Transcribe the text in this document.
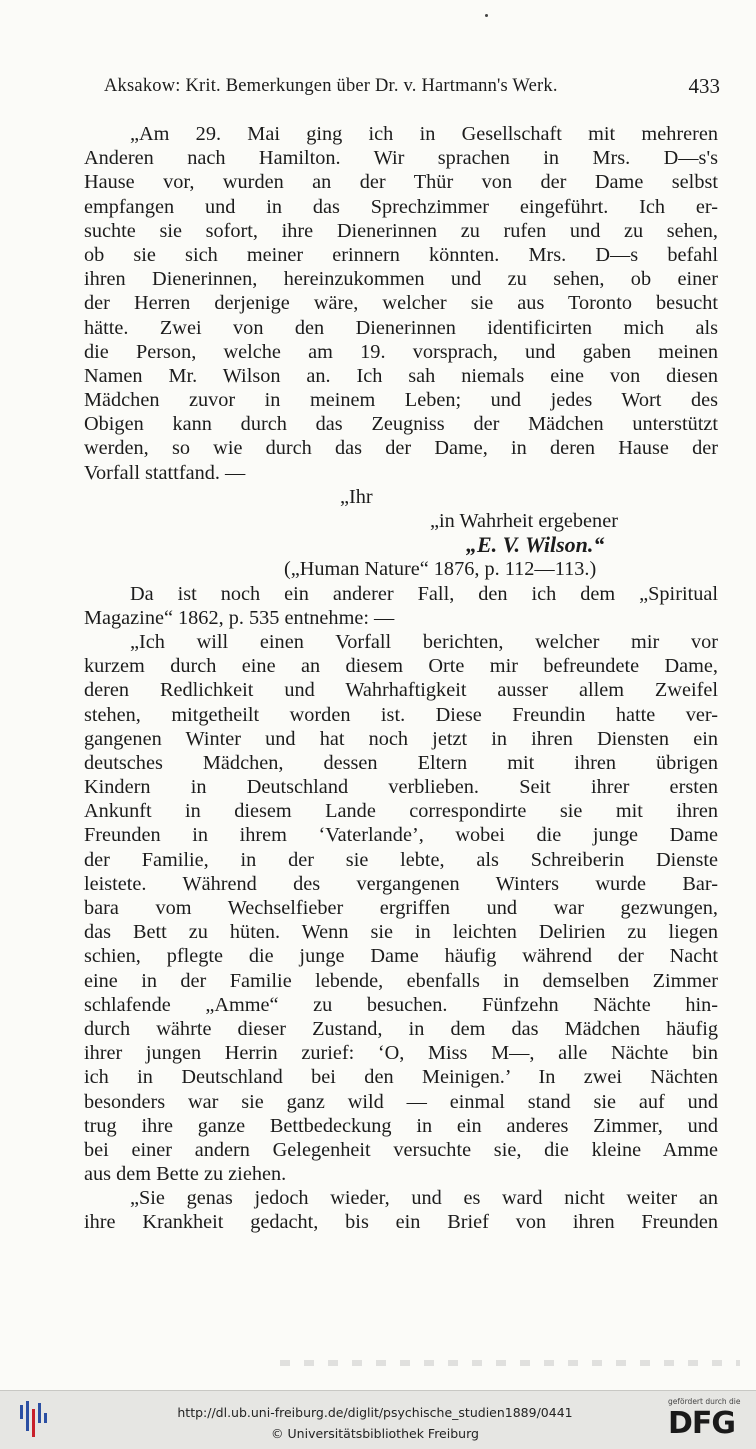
Aksakow: Krit. Bemerkungen über Dr. v. Hartmann's Werk.	433
„Am 29. Mai ging ich in Gesellschaft mit mehreren
Anderen nach Hamilton. Wir sprachen in Mrs. D—s's
Hause vor, wurden an der Thür von der Dame selbst
empfangen und in das Sprechzimmer eingeführt. Ich er-
suchte sie sofort, ihre Dienerinnen zu rufen und zu sehen,
ob sie sich meiner erinnern könnten. Mrs. D—s befahl
ihren Dienerinnen, hereinzukommen und zu sehen, ob einer
der Herren derjenige wäre, welcher sie aus Toronto besucht
hätte. Zwei von den Dienerinnen identificirten mich als
die Person, welche am 19. vorsprach, und gaben meinen
Namen Mr. Wilson an. Ich sah niemals eine von diesen
Mädchen zuvor in meinem Leben; und jedes Wort des
Obigen kann durch das Zeugniss der Mädchen unterstützt
werden, so wie durch das der Dame, in deren Hause der
Vorfall stattfand. —
„Ihr
„in Wahrheit ergebener
„E. V. Wilson.“
(„Human Nature“ 1876, p. 112—113.)
Da ist noch ein anderer Fall, den ich dem „Spiritual
Magazine“ 1862, p. 535 entnehme: —
„Ich will einen Vorfall berichten, welcher mir vor
kurzem durch eine an diesem Orte mir befreundete Dame,
deren Redlichkeit und Wahrhaftigkeit ausser allem Zweifel
stehen, mitgetheilt worden ist. Diese Freundin hatte ver-
gangenen Winter und hat noch jetzt in ihren Diensten ein
deutsches Mädchen, dessen Eltern mit ihren übrigen
Kindern in Deutschland verblieben. Seit ihrer ersten
Ankunft in diesem Lande correspondirte sie mit ihren
Freunden in ihrem ‘Vaterlande’, wobei die junge Dame
der Familie, in der sie lebte, als Schreiberin Dienste
leistete. Während des vergangenen Winters wurde Bar-
bara vom Wechselfieber ergriffen und war gezwungen,
das Bett zu hüten. Wenn sie in leichten Delirien zu liegen
schien, pflegte die junge Dame häufig während der Nacht
eine in der Familie lebende, ebenfalls in demselben Zimmer
schlafende „Amme“ zu besuchen. Fünfzehn Nächte hin-
durch währte dieser Zustand, in dem das Mädchen häufig
ihrer jungen Herrin zurief: ‘O, Miss M—, alle Nächte bin
ich in Deutschland bei den Meinigen.’ In zwei Nächten
besonders war sie ganz wild — einmal stand sie auf und
trug ihre ganze Bettbedeckung in ein anderes Zimmer, und
bei einer andern Gelegenheit versuchte sie, die kleine Amme
aus dem Bette zu ziehen.
„Sie genas jedoch wieder, und es ward nicht weiter an
ihre Krankheit gedacht, bis ein Brief von ihren Freunden
http://dl.ub.uni-freiburg.de/diglit/psychische_studien1889/0441
© Universitätsbibliothek Freiburg
gefördert durch die
DFG
